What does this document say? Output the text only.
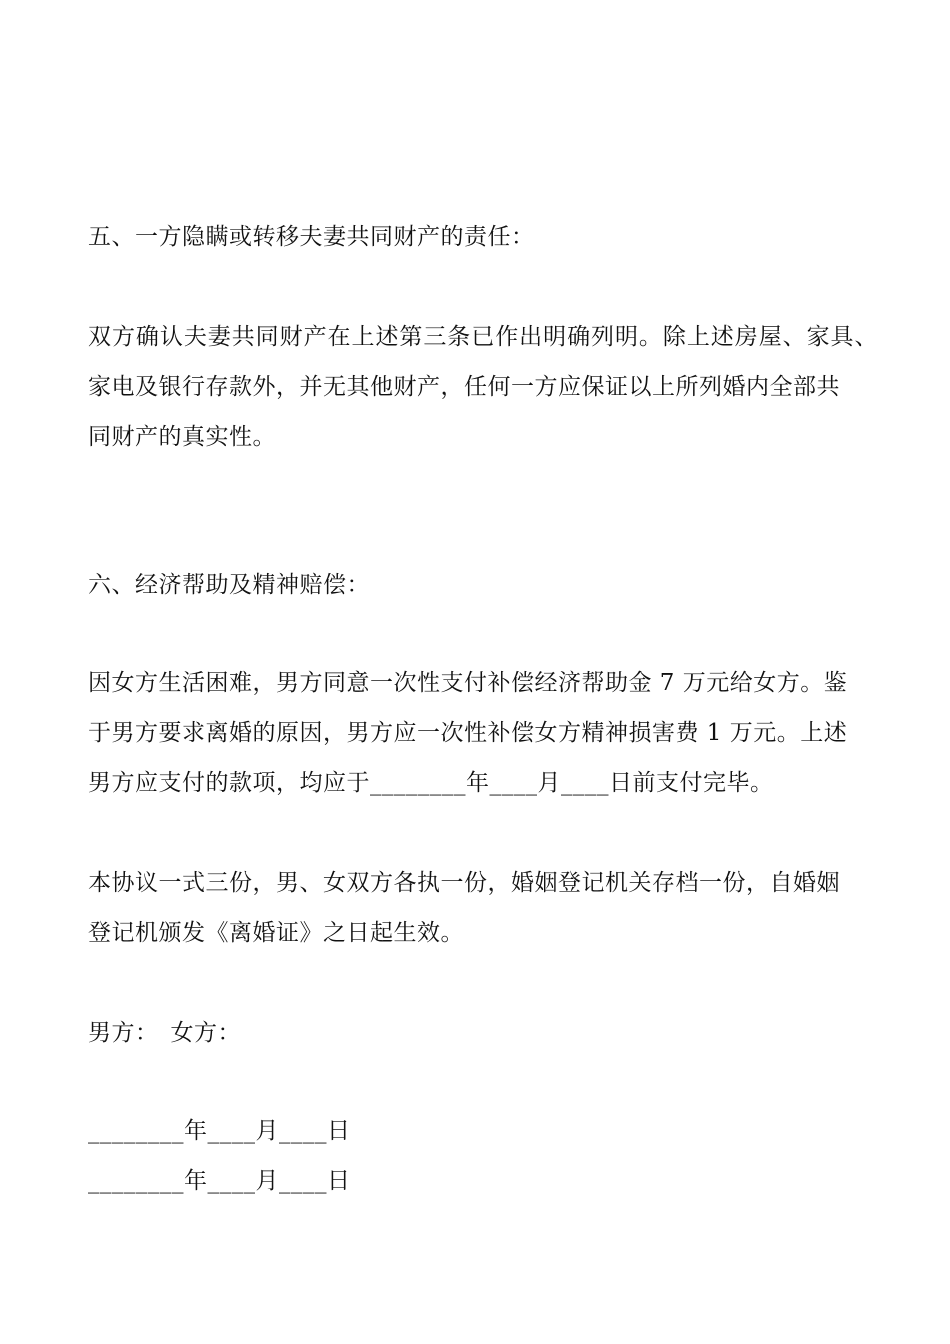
五、一方隐瞒或转移夫妻共同财产的责任：
双方确认夫妻共同财产在上述第三条已作出明确列明。除上述房屋、家具、
家电及银行存款外，并无其他财产，任何一方应保证以上所列婚内全部共
同财产的真实性。
六、经济帮助及精神赔偿：
因女方生活困难，男方同意一次性支付补偿经济帮助金 7 万元给女方。鉴
于男方要求离婚的原因，男方应一次性补偿女方精神损害费 1 万元。上述
男方应支付的款项，均应于________年____月____日前支付完毕。
本协议一式三份，男、女双方各执一份，婚姻登记机关存档一份，自婚姻
登记机颁发《离婚证》之日起生效。
男方：　女方：
________年____月____日
________年____月____日
